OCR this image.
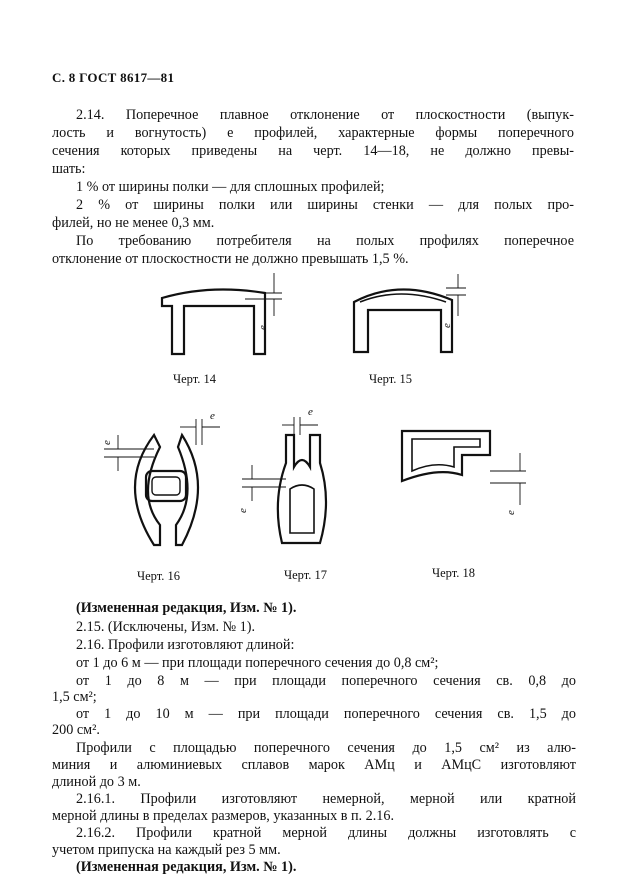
С. 8 ГОСТ 8617—81
2.14. Поперечное плавное отклонение от плоскостности (выпук-
лость и вогнутость) е профилей, характерные формы поперечного
сечения которых приведены на черт. 14—18, не должно превы-
шать:
1 % от ширины полки — для сплошных профилей;
2 % от ширины полки или ширины стенки — для полых про-
филей, но не менее 0,3 мм.
По требованию потребителя на полых профилях поперечное
отклонение от плоскостности не должно превышать 1,5 %.
e	e
Черт. 14	Черт. 15
e
e	e
e	e
Черт. 16	Черт. 17	Черт. 18
(Измененная редакция, Изм. № 1).
2.15. (Исключены, Изм. № 1).
2.16. Профили изготовляют длиной:
от 1 до 6 м — при площади поперечного сечения до 0,8 см²;
от 1 до 8 м — при площади поперечного сечения св. 0,8 до
1,5 см²;
от 1 до 10 м — при площади поперечного сечения св. 1,5 до
200 см².
Профили с площадью поперечного сечения до 1,5 см² из алю-
миния и алюминиевых сплавов марок АМц и АМцС изготовляют
длиной до 3 м.
2.16.1. Профили изготовляют немерной, мерной или кратной
мерной длины в пределах размеров, указанных в п. 2.16.
2.16.2. Профили кратной мерной длины должны изготовлять с
учетом припуска на каждый рез 5 мм.
(Измененная редакция, Изм. № 1).
